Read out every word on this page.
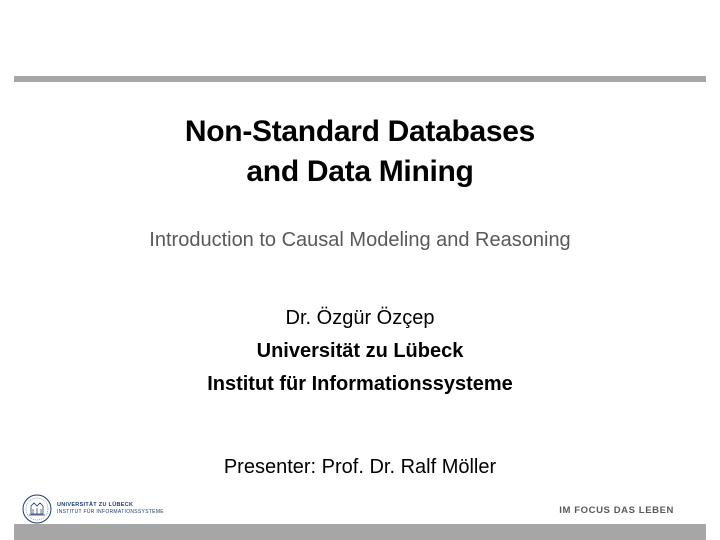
Non-Standard Databases
and Data Mining
Introduction to Causal Modeling and Reasoning
Dr. Özgür Özçep
Universität zu Lübeck
Institut für Informationssysteme
Presenter: Prof. Dr. Ralf Möller
UNIVERSITÄT ZU LÜBECK
INSTITUT FÜR INFORMATIONSSYSTEME	IM FOCUS DAS LEBEN
